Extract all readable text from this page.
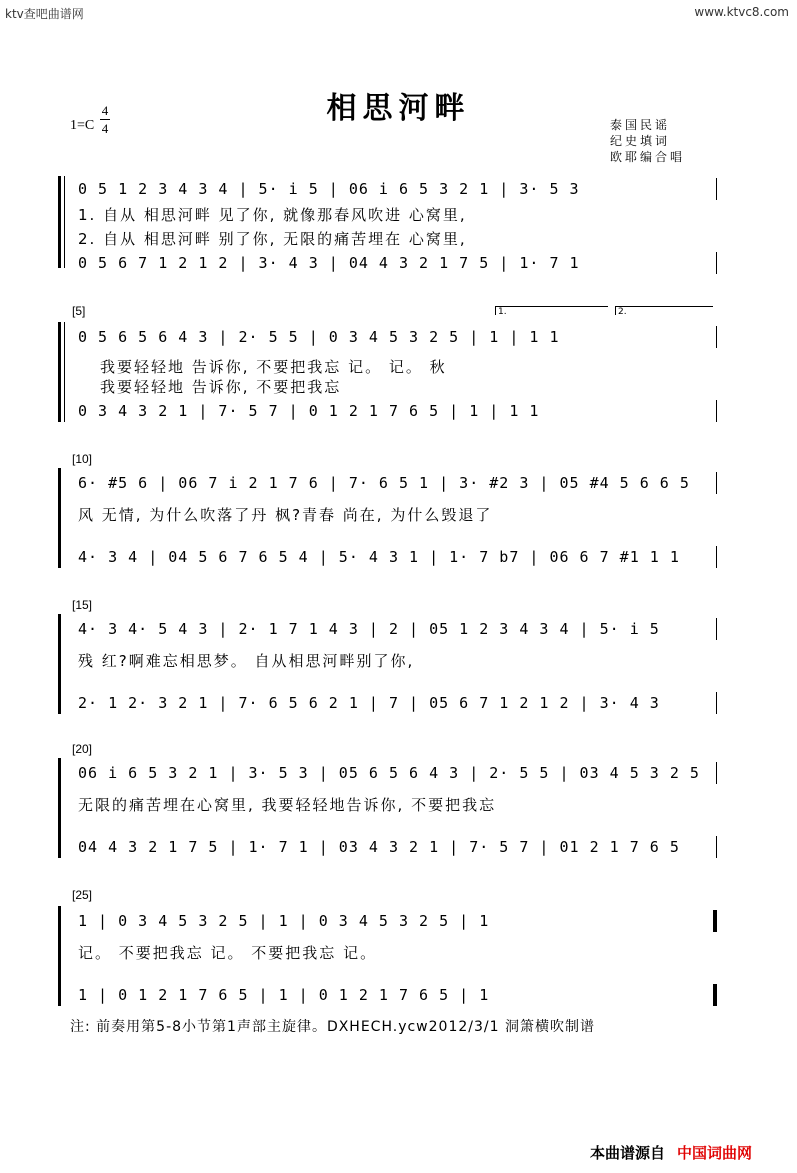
ktv查吧曲谱网	www.ktvc8.com
相思河畔
1=C
4
4	泰国民谣
纪史填词
欧耶编合唱
0 5 1 2 3 4 3 4 | 5· i 5 | 06 i 6 5 3 2 1 | 3· 5 3
1. 自从 相思河畔 见了你, 就像那春风吹进 心窝里,
2. 自从 相思河畔 别了你, 无限的痛苦埋在 心窝里,
0 5 6 7 1 2 1 2 | 3· 4 3 | 04 4 3 2 1 7 5 | 1· 7 1
[5]	1.	2.
0 5 6 5 6 4 3 | 2· 5 5 | 0 3 4 5 3 2 5 | 1 | 1 1
我要轻轻地 告诉你, 不要把我忘 记。 记。 秋
我要轻轻地 告诉你, 不要把我忘
0 3 4 3 2 1 | 7· 5 7 | 0 1 2 1 7 6 5 | 1 | 1 1
[10]
6· #5 6 | 06 7 i 2 1 7 6 | 7· 6 5 1 | 3· #2 3 | 05 #4 5 6 6 5
风 无情, 为什么吹落了丹 枫?青春 尚在, 为什么毁退了
4· 3 4 | 04 5 6 7 6 5 4 | 5· 4 3 1 | 1· 7 b7 | 06 6 7 #1 1 1
[15]
4· 3 4· 5 4 3 | 2· 1 7 1 4 3 | 2 | 05 1 2 3 4 3 4 | 5· i 5
残 红?啊难忘相思梦。 自从相思河畔别了你,
2· 1 2· 3 2 1 | 7· 6 5 6 2 1 | 7 | 05 6 7 1 2 1 2 | 3· 4 3
[20]
06 i 6 5 3 2 1 | 3· 5 3 | 05 6 5 6 4 3 | 2· 5 5 | 03 4 5 3 2 5
无限的痛苦埋在心窝里, 我要轻轻地告诉你, 不要把我忘
04 4 3 2 1 7 5 | 1· 7 1 | 03 4 3 2 1 | 7· 5 7 | 01 2 1 7 6 5
[25]
1 | 0 3 4 5 3 2 5 | 1 | 0 3 4 5 3 2 5 | 1
记。 不要把我忘 记。 不要把我忘 记。
1 | 0 1 2 1 7 6 5 | 1 | 0 1 2 1 7 6 5 | 1
注: 前奏用第5-8小节第1声部主旋律。DXHECH.ycw2012/3/1 洞箫横吹制谱
本曲谱源自 中国词曲网
